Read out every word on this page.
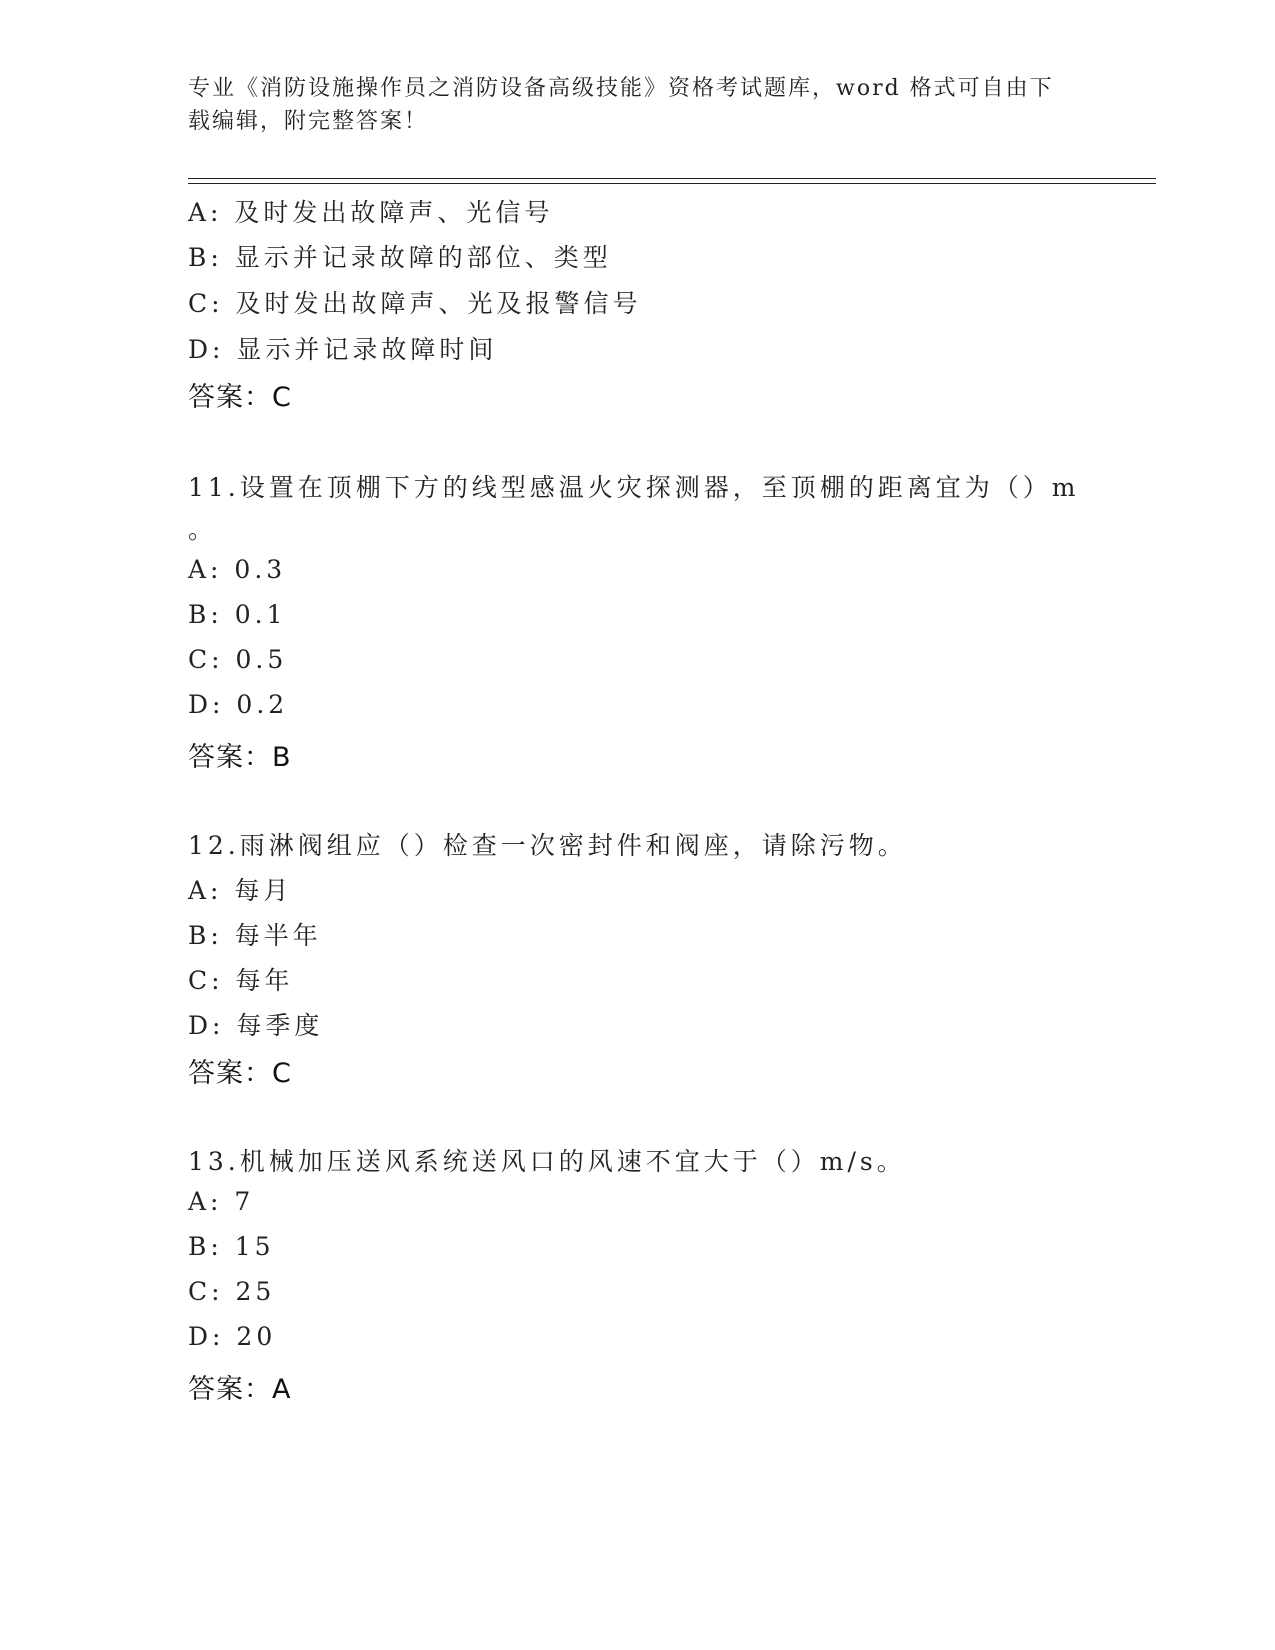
专业《消防设施操作员之消防设备高级技能》资格考试题库，word 格式可自由下
载编辑，附完整答案！
A: 及时发出故障声、光信号
B: 显示并记录故障的部位、类型
C: 及时发出故障声、光及报警信号
D: 显示并记录故障时间
答案：C
11.设置在顶棚下方的线型感温火灾探测器，至顶棚的距离宜为（）m
。
A: 0.3
B: 0.1
C: 0.5
D: 0.2
答案：B
12.雨淋阀组应（）检查一次密封件和阀座，请除污物。
A: 每月
B: 每半年
C: 每年
D: 每季度
答案：C
13.机械加压送风系统送风口的风速不宜大于（）m/s。
A: 7
B: 15
C: 25
D: 20
答案：A
